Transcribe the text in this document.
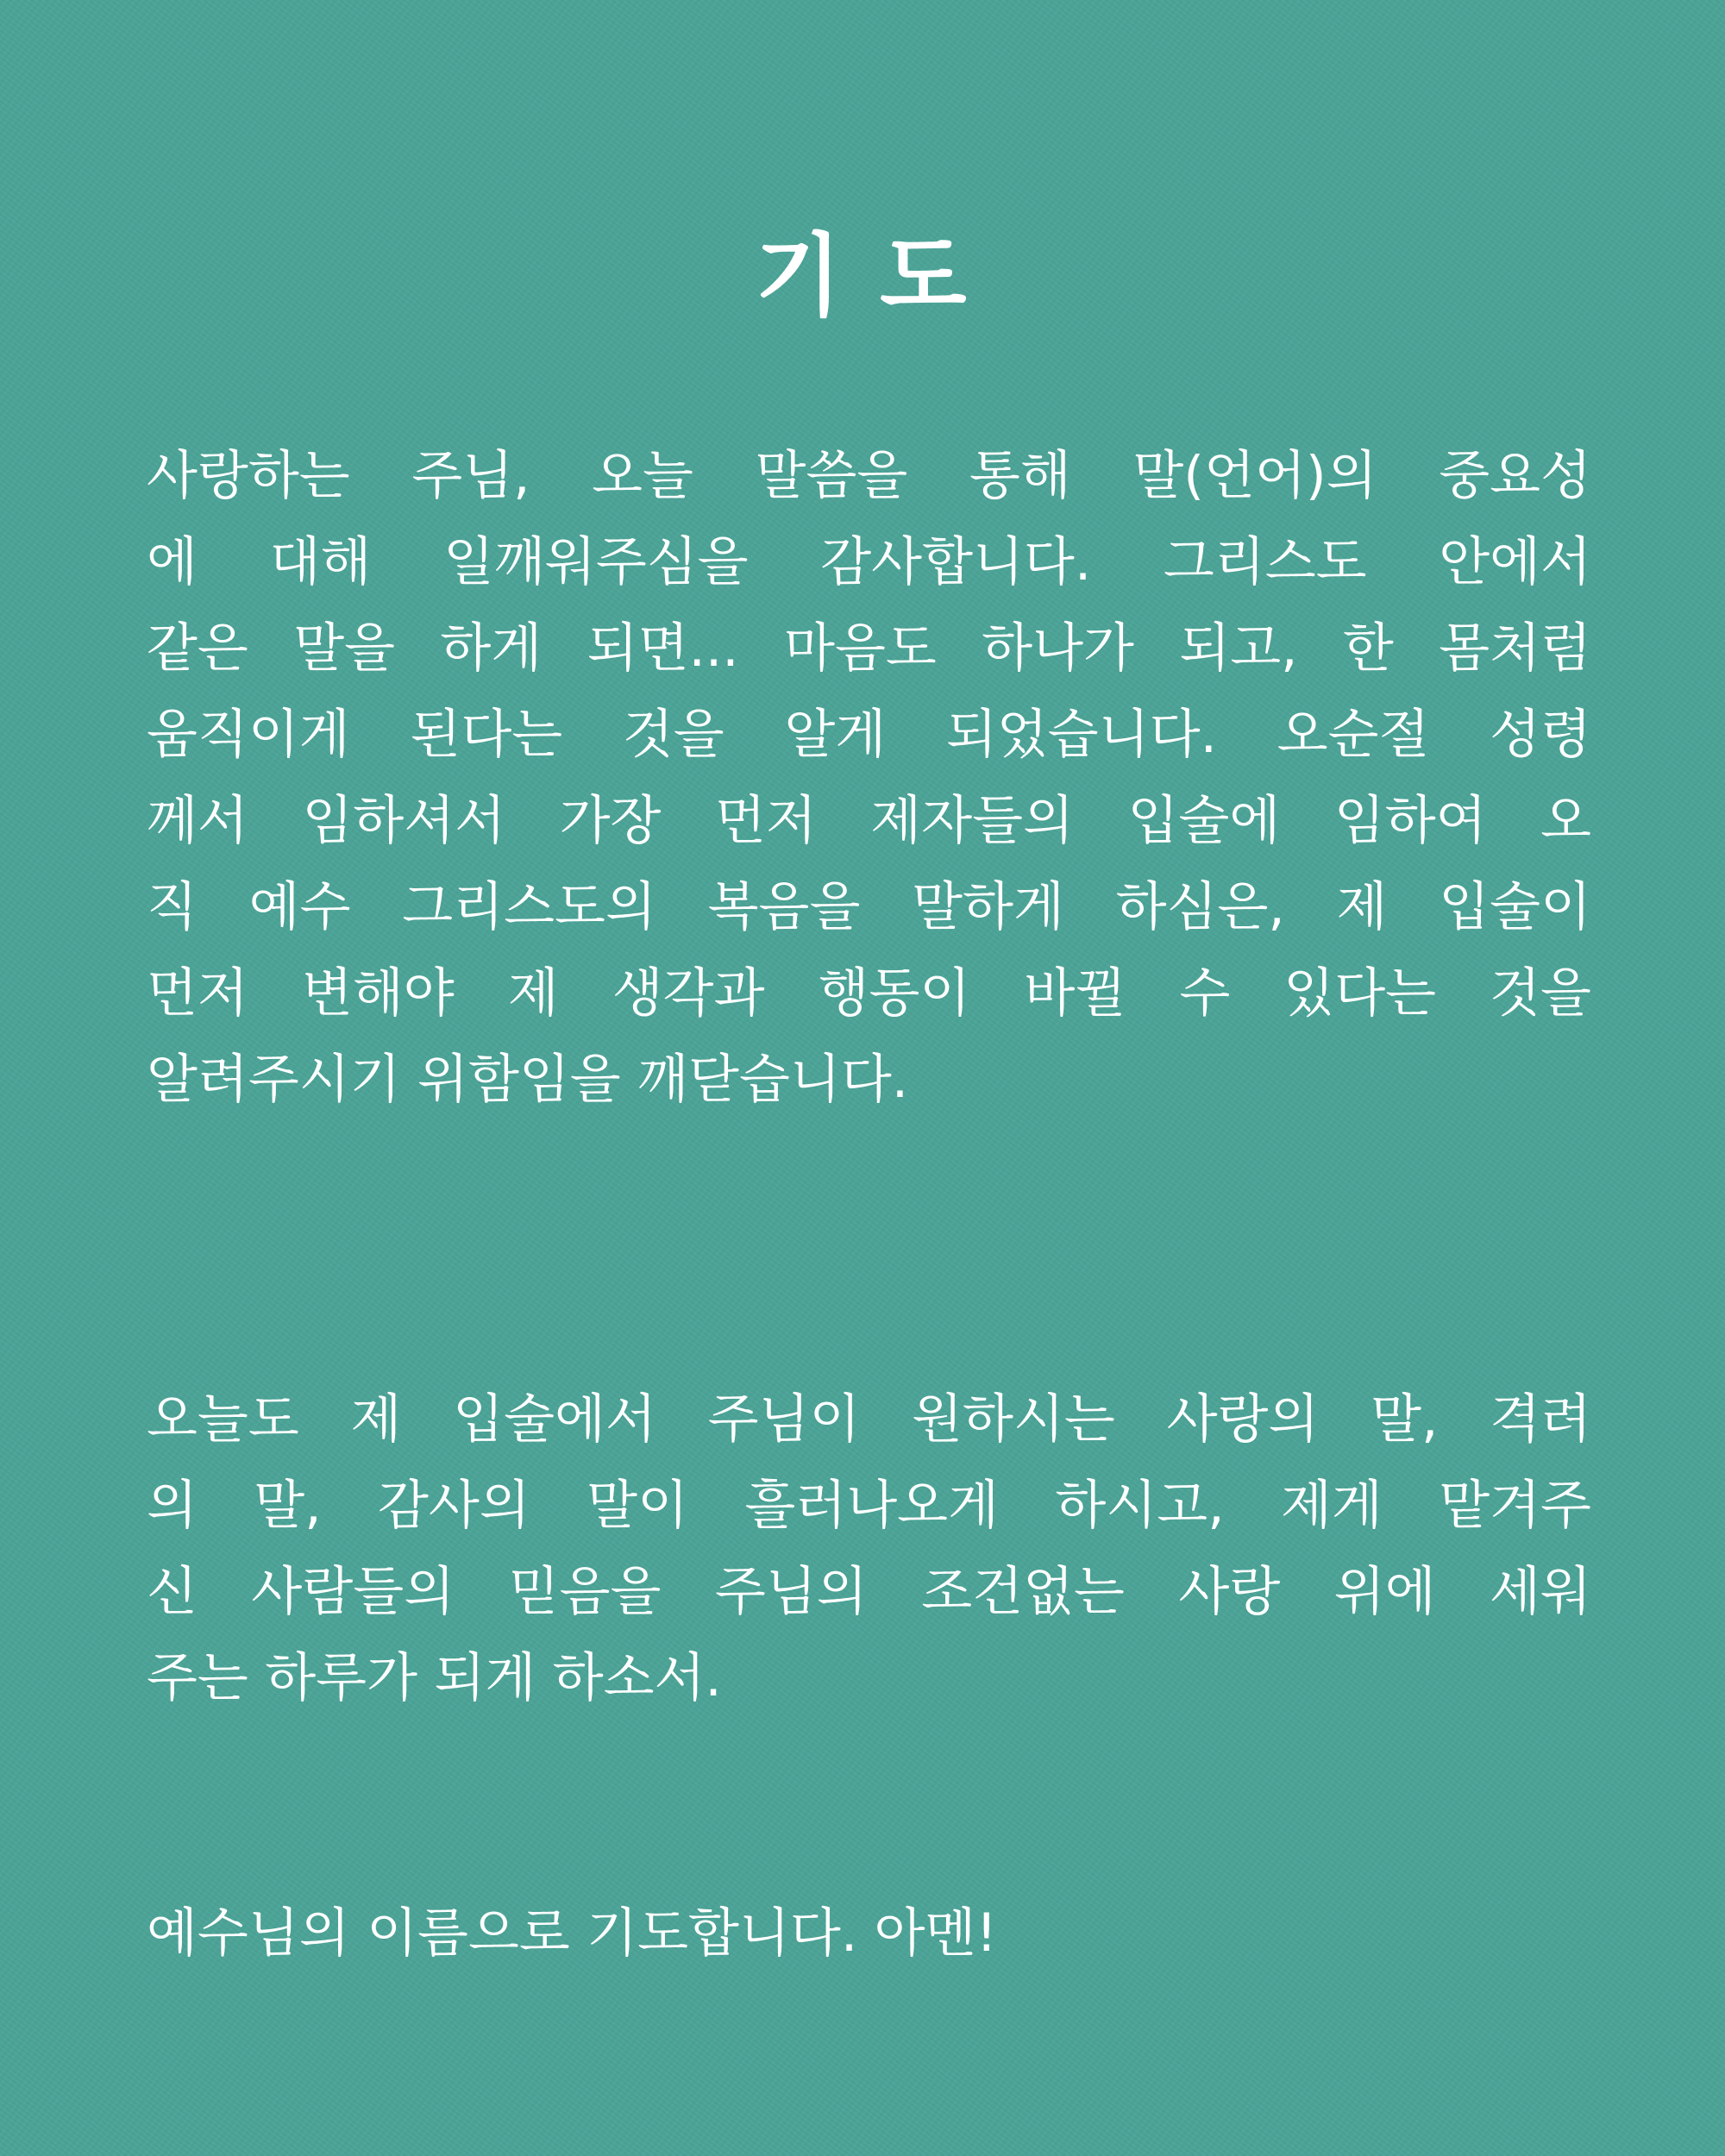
기 도
사랑하는 주님, 오늘 말씀을 통해 말(언어)의 중요성
에 대해 일깨워주심을 감사합니다. 그리스도 안에서
같은 말을 하게 되면... 마음도 하나가 되고, 한 몸처럼
움직이게 된다는 것을 알게 되었습니다. 오순절 성령
께서 임하셔서 가장 먼저 제자들의 입술에 임하여 오
직 예수 그리스도의 복음을 말하게 하심은, 제 입술이
먼저 변해야 제 생각과 행동이 바뀔 수 있다는 것을
알려주시기 위함임을 깨닫습니다.
오늘도 제 입술에서 주님이 원하시는 사랑의 말, 격려
의 말, 감사의 말이 흘러나오게 하시고, 제게 맡겨주
신 사람들의 믿음을 주님의 조건없는 사랑 위에 세워
주는 하루가 되게 하소서.
예수님의 이름으로 기도합니다. 아멘!
